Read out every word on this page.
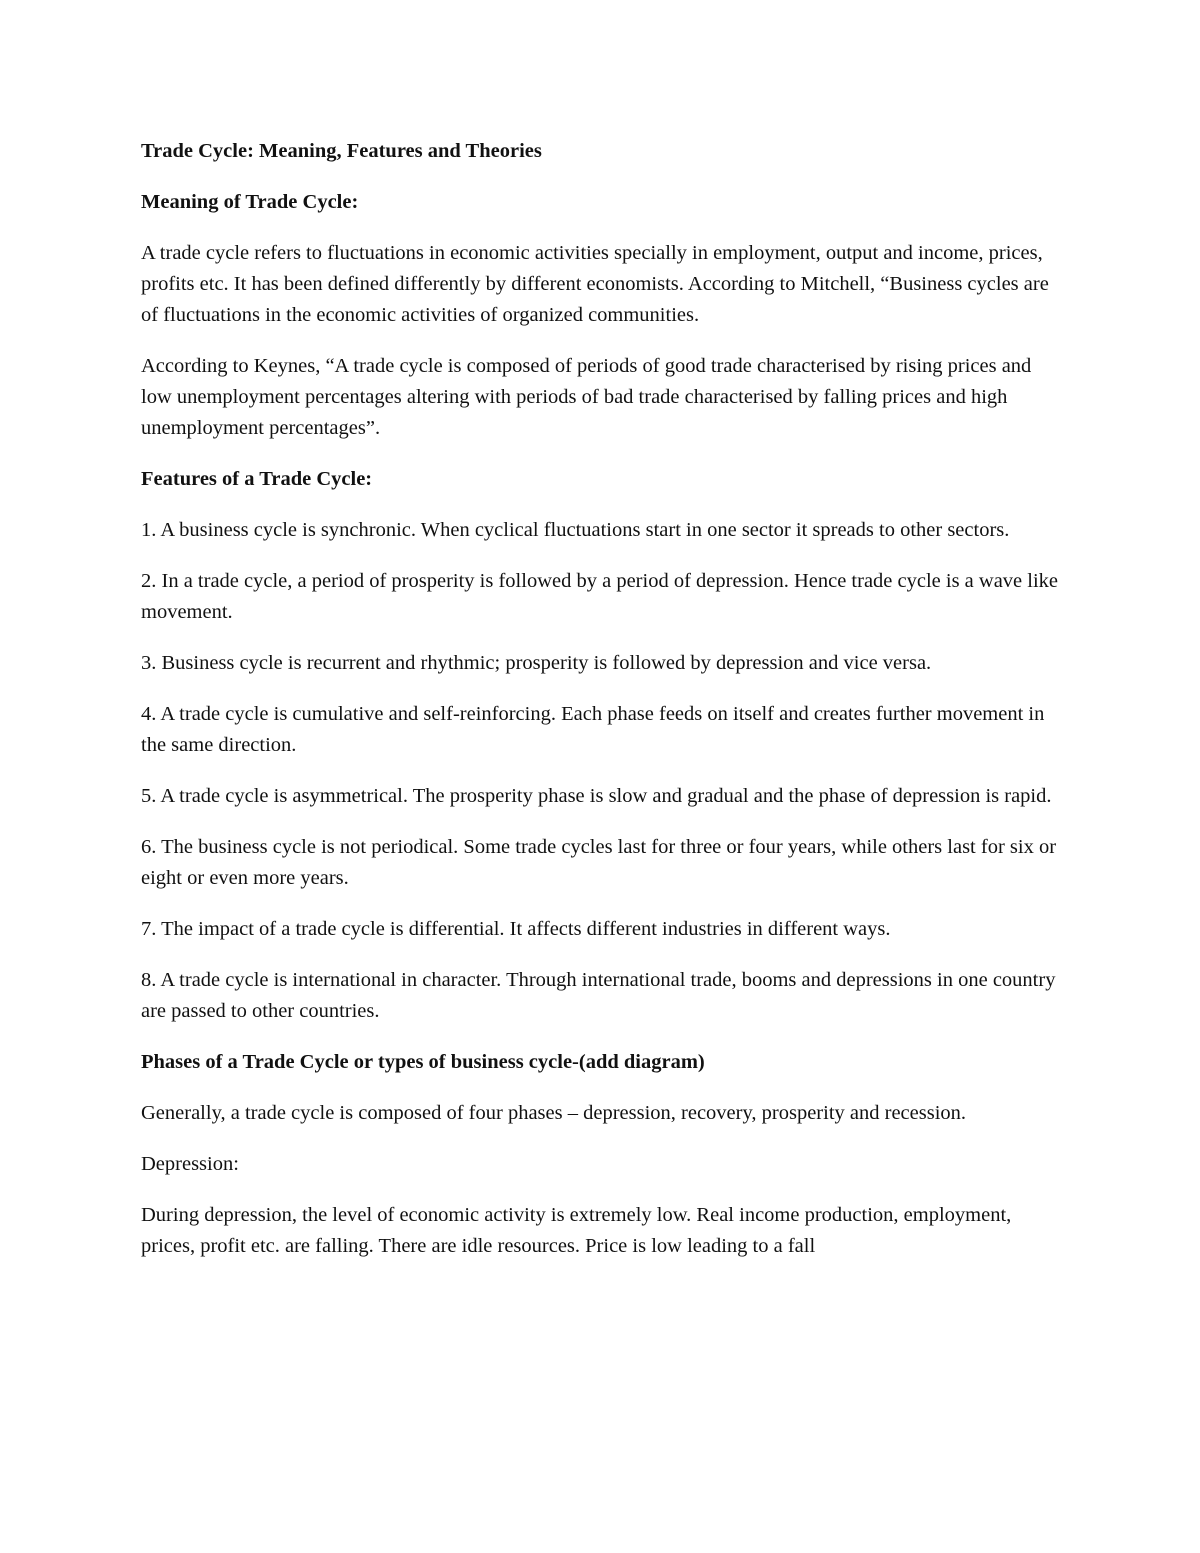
Trade Cycle: Meaning, Features and Theories

Meaning of Trade Cycle:

A trade cycle refers to fluctuations in economic activities specially in employment, output and income, prices, profits etc. It has been defined differently by different economists. According to Mitchell, “Business cycles are of fluctuations in the economic activities of organized communities.

According to Keynes, “A trade cycle is composed of periods of good trade characterised by rising prices and low unemployment percentages altering with periods of bad trade characterised by falling prices and high unemployment percentages”.

Features of a Trade Cycle:

1. A business cycle is synchronic. When cyclical fluctuations start in one sector it spreads to other sectors.

2. In a trade cycle, a period of prosperity is followed by a period of depression. Hence trade cycle is a wave like movement.

3. Business cycle is recurrent and rhythmic; prosperity is followed by depression and vice versa.

4. A trade cycle is cumulative and self-reinforcing. Each phase feeds on itself and creates further movement in the same direction.

5. A trade cycle is asymmetrical. The prosperity phase is slow and gradual and the phase of depression is rapid.

6. The business cycle is not periodical. Some trade cycles last for three or four years, while others last for six or eight or even more years.

7. The impact of a trade cycle is differential. It affects different industries in different ways.

8. A trade cycle is international in character. Through international trade, booms and depressions in one country are passed to other countries.

Phases of a Trade Cycle or types of business cycle-(add diagram)

Generally, a trade cycle is composed of four phases – depression, recovery, prosperity and recession.

Depression:

During depression, the level of economic activity is extremely low. Real income production, employment, prices, profit etc. are falling. There are idle resources. Price is low leading to a fall
